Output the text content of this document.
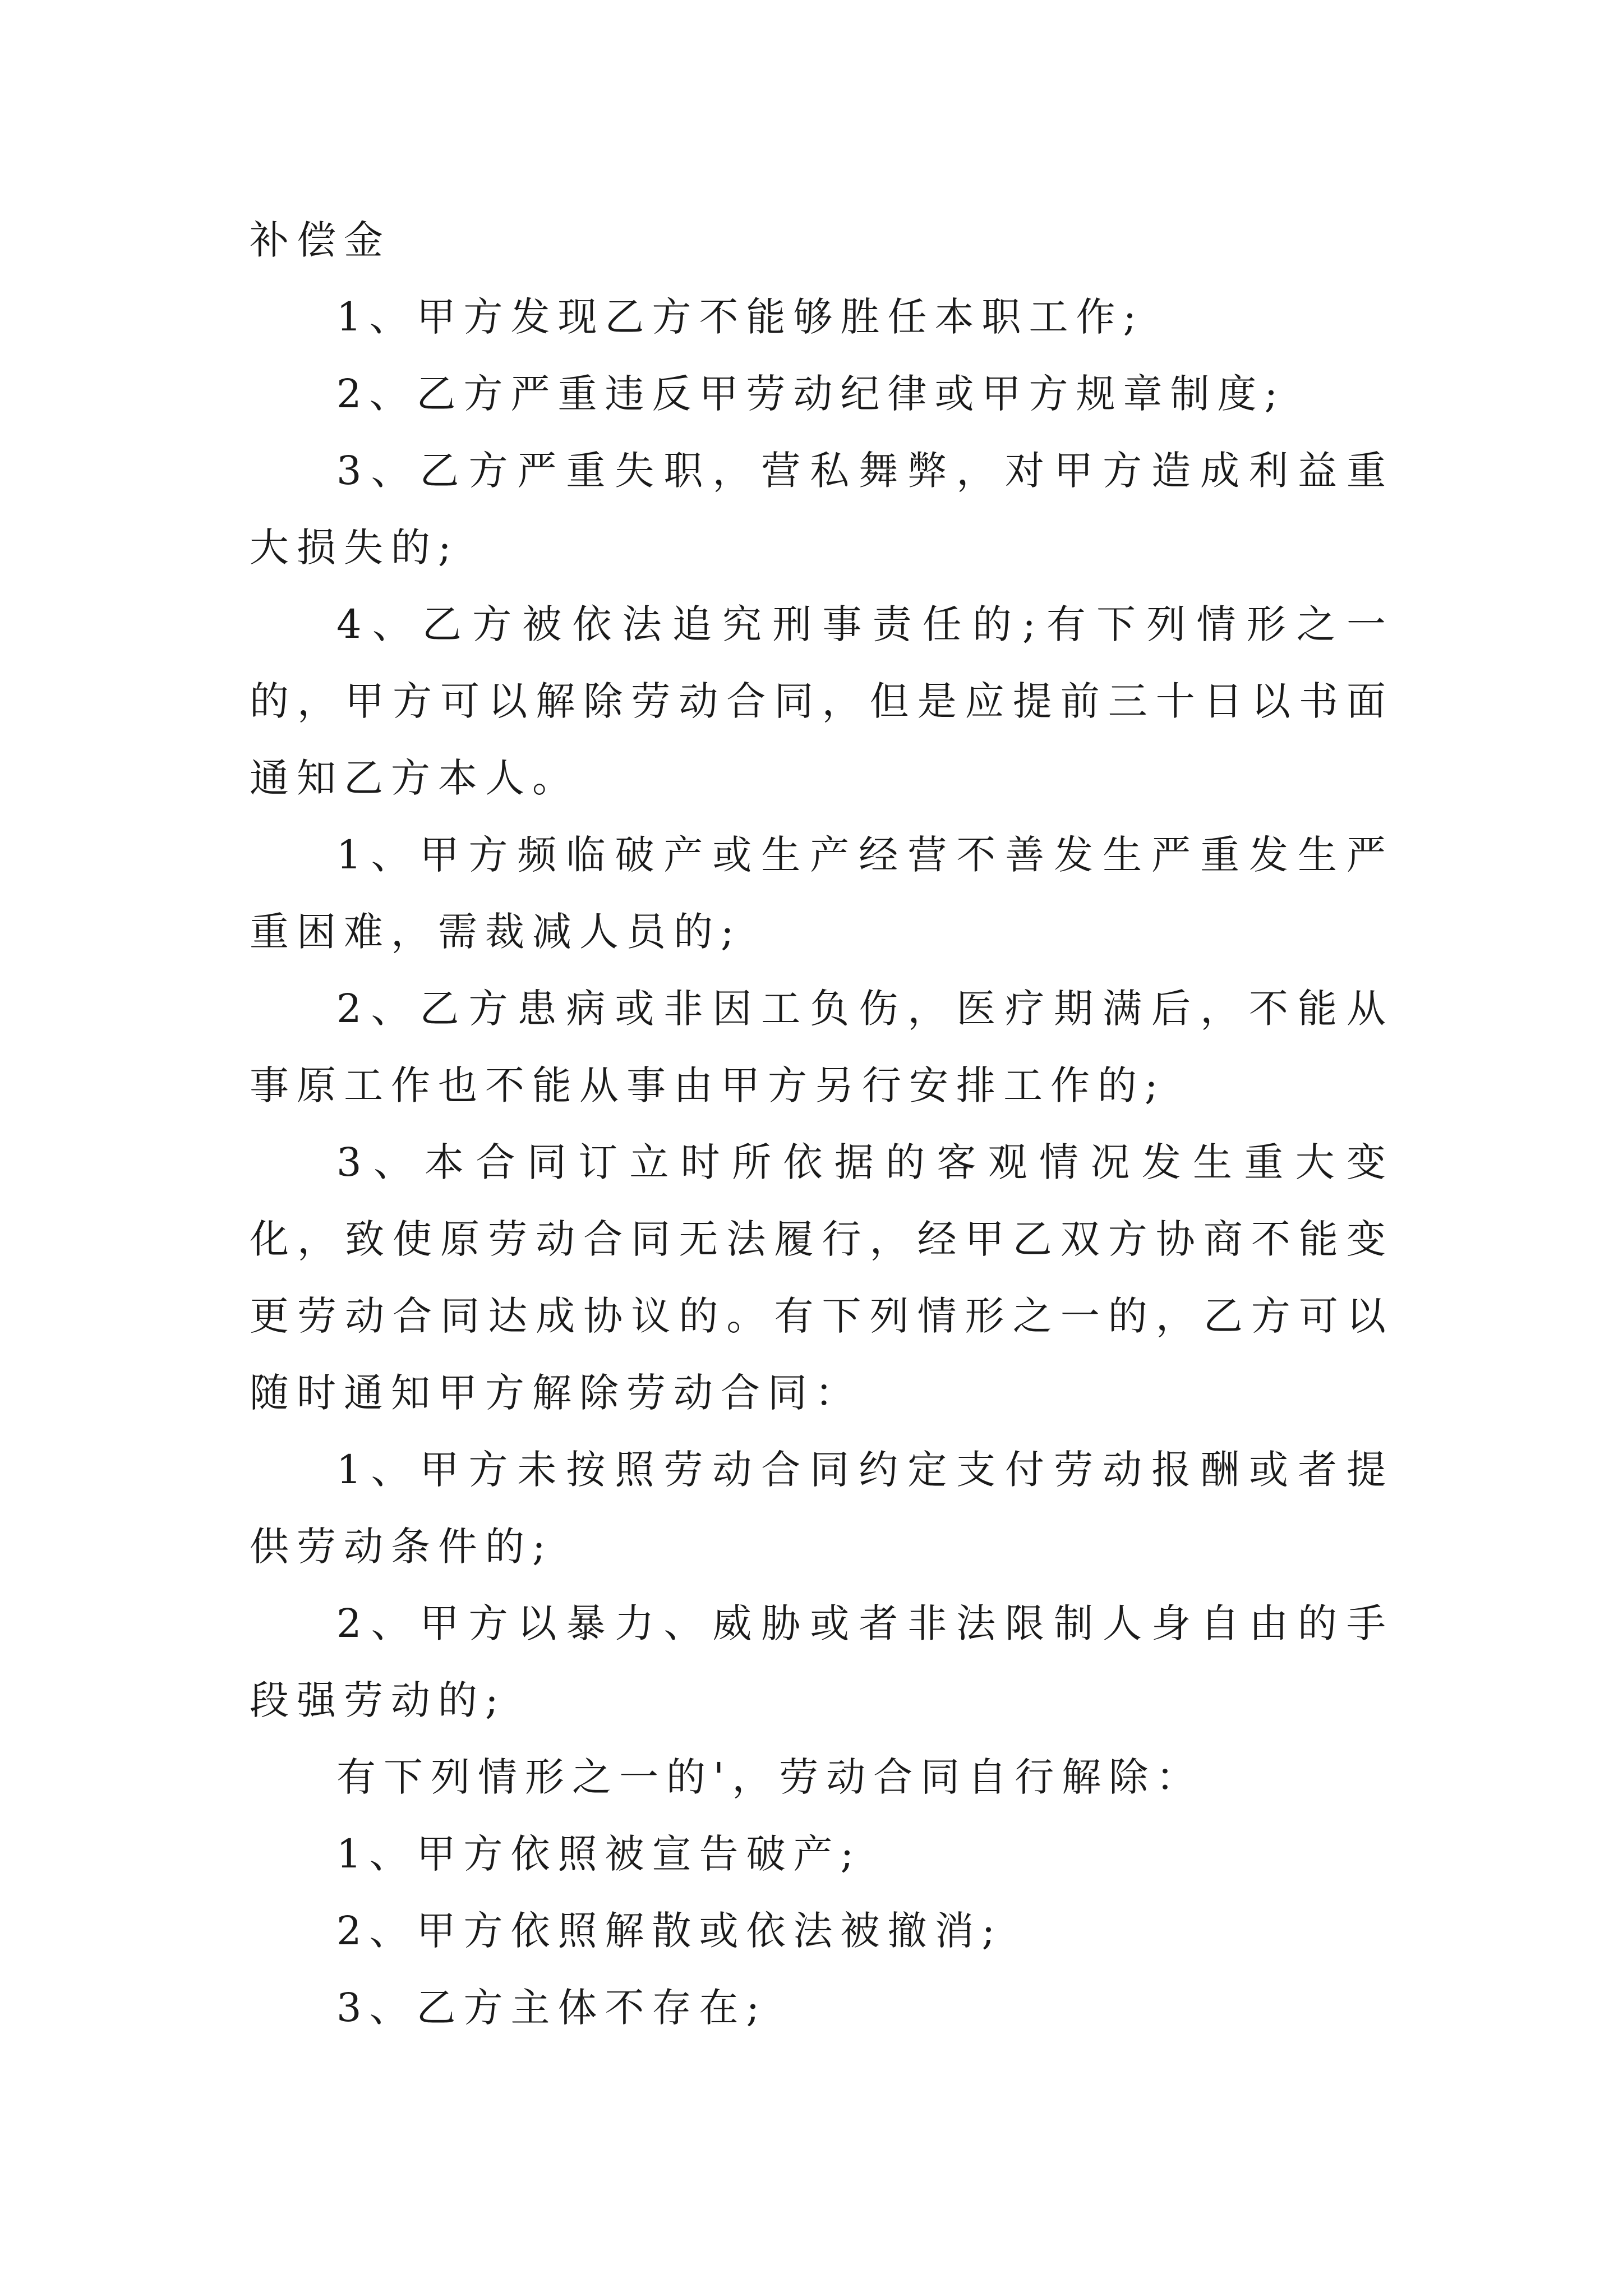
补偿金

1、甲方发现乙方不能够胜任本职工作;

2、乙方严重违反甲劳动纪律或甲方规章制度;

3、乙方严重失职，营私舞弊，对甲方造成利益重大损失的;

4、乙方被依法追究刑事责任的;有下列情形之一的，甲方可以解除劳动合同，但是应提前三十日以书面通知乙方本人。

1、甲方频临破产或生产经营不善发生严重发生严重困难，需裁减人员的;

2、乙方患病或非因工负伤，医疗期满后，不能从事原工作也不能从事由甲方另行安排工作的;

3、本合同订立时所依据的客观情况发生重大变化，致使原劳动合同无法履行，经甲乙双方协商不能变更劳动合同达成协议的。有下列情形之一的，乙方可以随时通知甲方解除劳动合同：

1、甲方未按照劳动合同约定支付劳动报酬或者提供劳动条件的;

2、甲方以暴力、威胁或者非法限制人身自由的手段强劳动的;

有下列情形之一的'，劳动合同自行解除：

1、甲方依照被宣告破产;

2、甲方依照解散或依法被撤消;

3、乙方主体不存在;
